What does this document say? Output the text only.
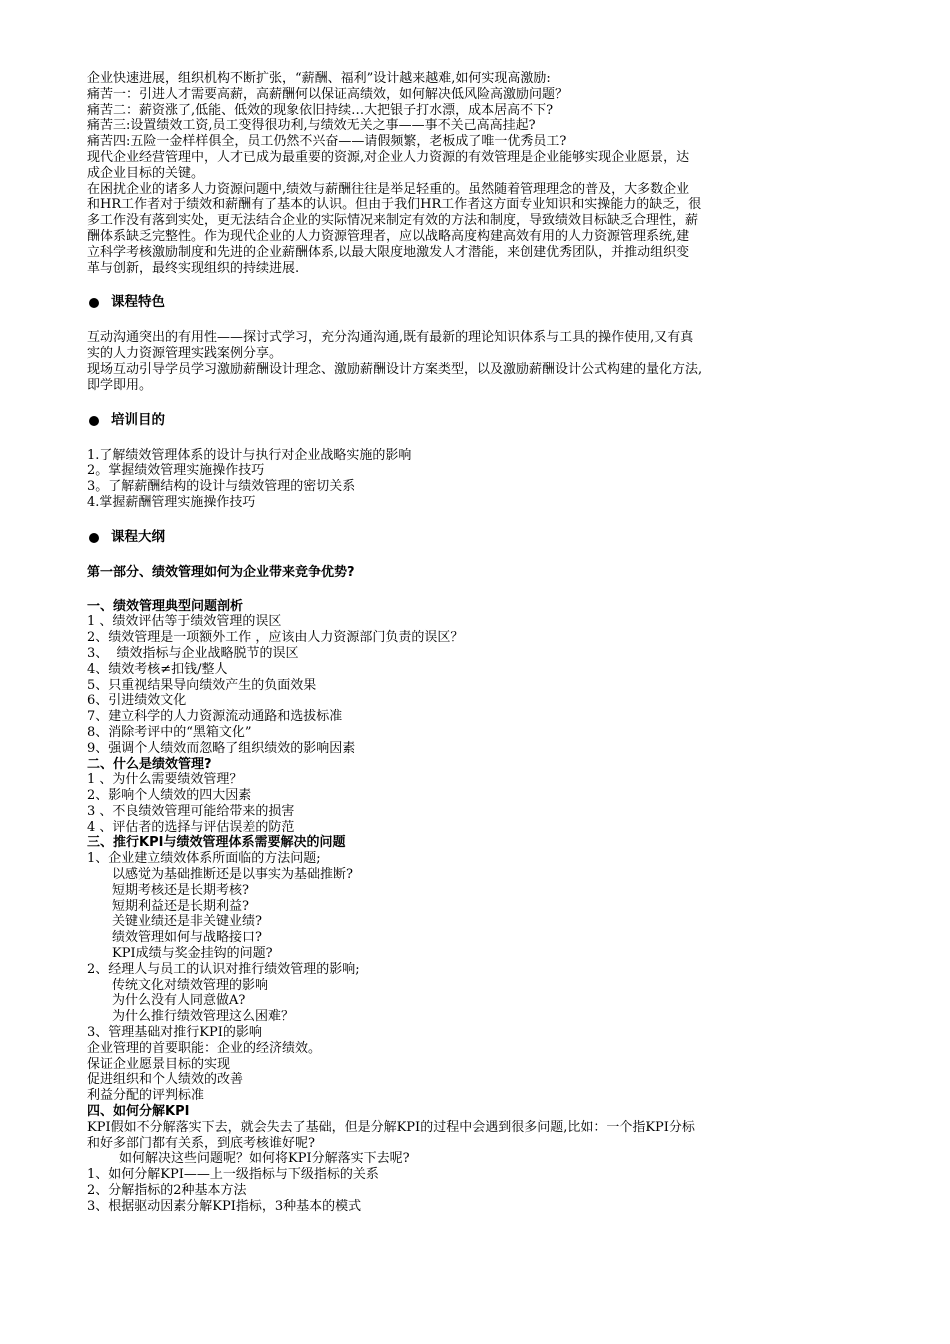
企业快速进展，组织机构不断扩张，“薪酬、福利”设计越来越难,如何实现高激励:
痛苦一：引进人才需要高薪，高薪酬何以保证高绩效，如何解决低风险高激励问题？
痛苦二：薪资涨了,低能、低效的现象依旧持续…大把银子打水漂，成本居高不下?
痛苦三:设置绩效工资,员工变得很功利,与绩效无关之事——事不关己高高挂起?
痛苦四:五险一金样样俱全，员工仍然不兴奋——请假频繁，老板成了唯一优秀员工?
现代企业经营管理中，人才已成为最重要的资源,对企业人力资源的有效管理是企业能够实现企业愿景，达
成企业目标的关键。
在困扰企业的诸多人力资源问题中,绩效与薪酬往往是举足轻重的。虽然随着管理理念的普及，大多数企业
和HR工作者对于绩效和薪酬有了基本的认识。但由于我们HR工作者这方面专业知识和实操能力的缺乏，很
多工作没有落到实处，更无法结合企业的实际情况来制定有效的方法和制度，导致绩效目标缺乏合理性，薪
酬体系缺乏完整性。作为现代企业的人力资源管理者，应以战略高度构建高效有用的人力资源管理系统,建
立科学考核激励制度和先进的企业薪酬体系,以最大限度地激发人才潜能，来创建优秀团队，并推动组织变
革与创新，最终实现组织的持续进展.
课程特色
互动沟通突出的有用性——探讨式学习，充分沟通沟通,既有最新的理论知识体系与工具的操作使用,又有真
实的人力资源管理实践案例分享。
现场互动引导学员学习激励薪酬设计理念、激励薪酬设计方案类型，以及激励薪酬设计公式构建的量化方法,
即学即用。
培训目的
1.了解绩效管理体系的设计与执行对企业战略实施的影响
2。掌握绩效管理实施操作技巧
3。了解薪酬结构的设计与绩效管理的密切关系
4.掌握薪酬管理实施操作技巧
课程大纲
第一部分、绩效管理如何为企业带来竞争优势?
一、绩效管理典型问题剖析
1 、绩效评估等于绩效管理的误区
2、绩效管理是一项额外工作 ，应该由人力资源部门负责的误区？
3、  绩效指标与企业战略脱节的误区
4、绩效考核≠扣钱/整人
5、只重视结果导向绩效产生的负面效果
6、引进绩效文化
7、建立科学的人力资源流动通路和选拔标准
8、消除考评中的“黑箱文化”
9、强调个人绩效而忽略了组织绩效的影响因素
二、什么是绩效管理?
1 、为什么需要绩效管理？
2、影响个人绩效的四大因素
3 、不良绩效管理可能给带来的损害
4 、评估者的选择与评估误差的防范
三、推行KPI与绩效管理体系需要解决的问题
1、企业建立绩效体系所面临的方法问题;
以感觉为基础推断还是以事实为基础推断?
短期考核还是长期考核?
短期利益还是长期利益?
关键业绩还是非关键业绩?
绩效管理如何与战略接口?
KPI成绩与奖金挂钩的问题?
2、经理人与员工的认识对推行绩效管理的影响;
传统文化对绩效管理的影响
为什么没有人同意做A?
为什么推行绩效管理这么困难？
3、管理基础对推行KPI的影响
企业管理的首要职能：企业的经济绩效。
保证企业愿景目标的实现
促进组织和个人绩效的改善
利益分配的评判标准
四、如何分解KPI
KPI假如不分解落实下去，就会失去了基础，但是分解KPI的过程中会遇到很多问题,比如：一个指KPI分标
和好多部门都有关系，到底考核谁好呢?
如何解决这些问题呢？如何将KPI分解落实下去呢?
1、如何分解KPI——上一级指标与下级指标的关系
2、分解指标的2种基本方法
3、根据驱动因素分解KPI指标，3种基本的模式
